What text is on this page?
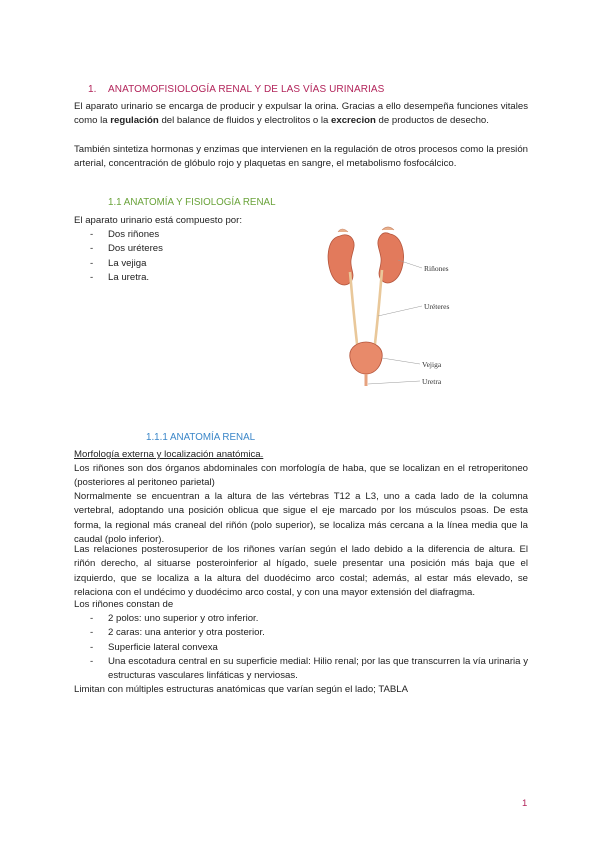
1. ANATOMOFISIOLOGÍA RENAL Y DE LAS VÍAS URINARIAS
El aparato urinario se encarga de producir y expulsar la orina. Gracias a ello desempeña funciones vitales como la regulación del balance de fluidos y electrolitos o la excrecion de productos de desecho.
También sintetiza hormonas y enzimas que intervienen en la regulación de otros procesos como la presión arterial, concentración de glóbulo rojo y plaquetas en sangre, el metabolismo fosfocálcico.
1.1 ANATOMÍA Y FISIOLOGÍA RENAL
El aparato urinario está compuesto por:
- Dos riñones
- Dos uréteres
- La vejiga
- La uretra.
Riñones
Uréteres
Vejiga
Uretra
1.1.1 ANATOMÍA RENAL
Morfología externa y localización anatómica.
Los riñones son dos órganos abdominales con morfología de haba, que se localizan en el retroperitoneo (posteriores al peritoneo parietal)
Normalmente se encuentran a la altura de las vértebras T12 a L3, uno a cada lado de la columna vertebral, adoptando una posición oblicua que sigue el eje marcado por los músculos psoas. De esta forma, la regional más craneal del riñón (polo superior), se localiza más cercana a la línea media que la caudal (polo inferior).
Las relaciones posterosuperior de los riñones varían según el lado debido a la diferencia de altura. El riñón derecho, al situarse posteroinferior al hígado, suele presentar una posición más baja que el izquierdo, que se localiza a la altura del duodécimo arco costal; además, al estar más elevado, se relaciona con el undécimo y duodécimo arco costal, y con una mayor extensión del diafragma.
Los riñones constan de
- 2 polos: uno superior y otro inferior.
- 2 caras: una anterior y otra posterior.
- Superficie lateral convexa
- Una escotadura central en su superficie medial: Hilio renal; por las que transcurren la vía urinaria y estructuras vasculares linfáticas y nerviosas.
Limitan con múltiples estructuras anatómicas que varían según el lado; TABLA
1
